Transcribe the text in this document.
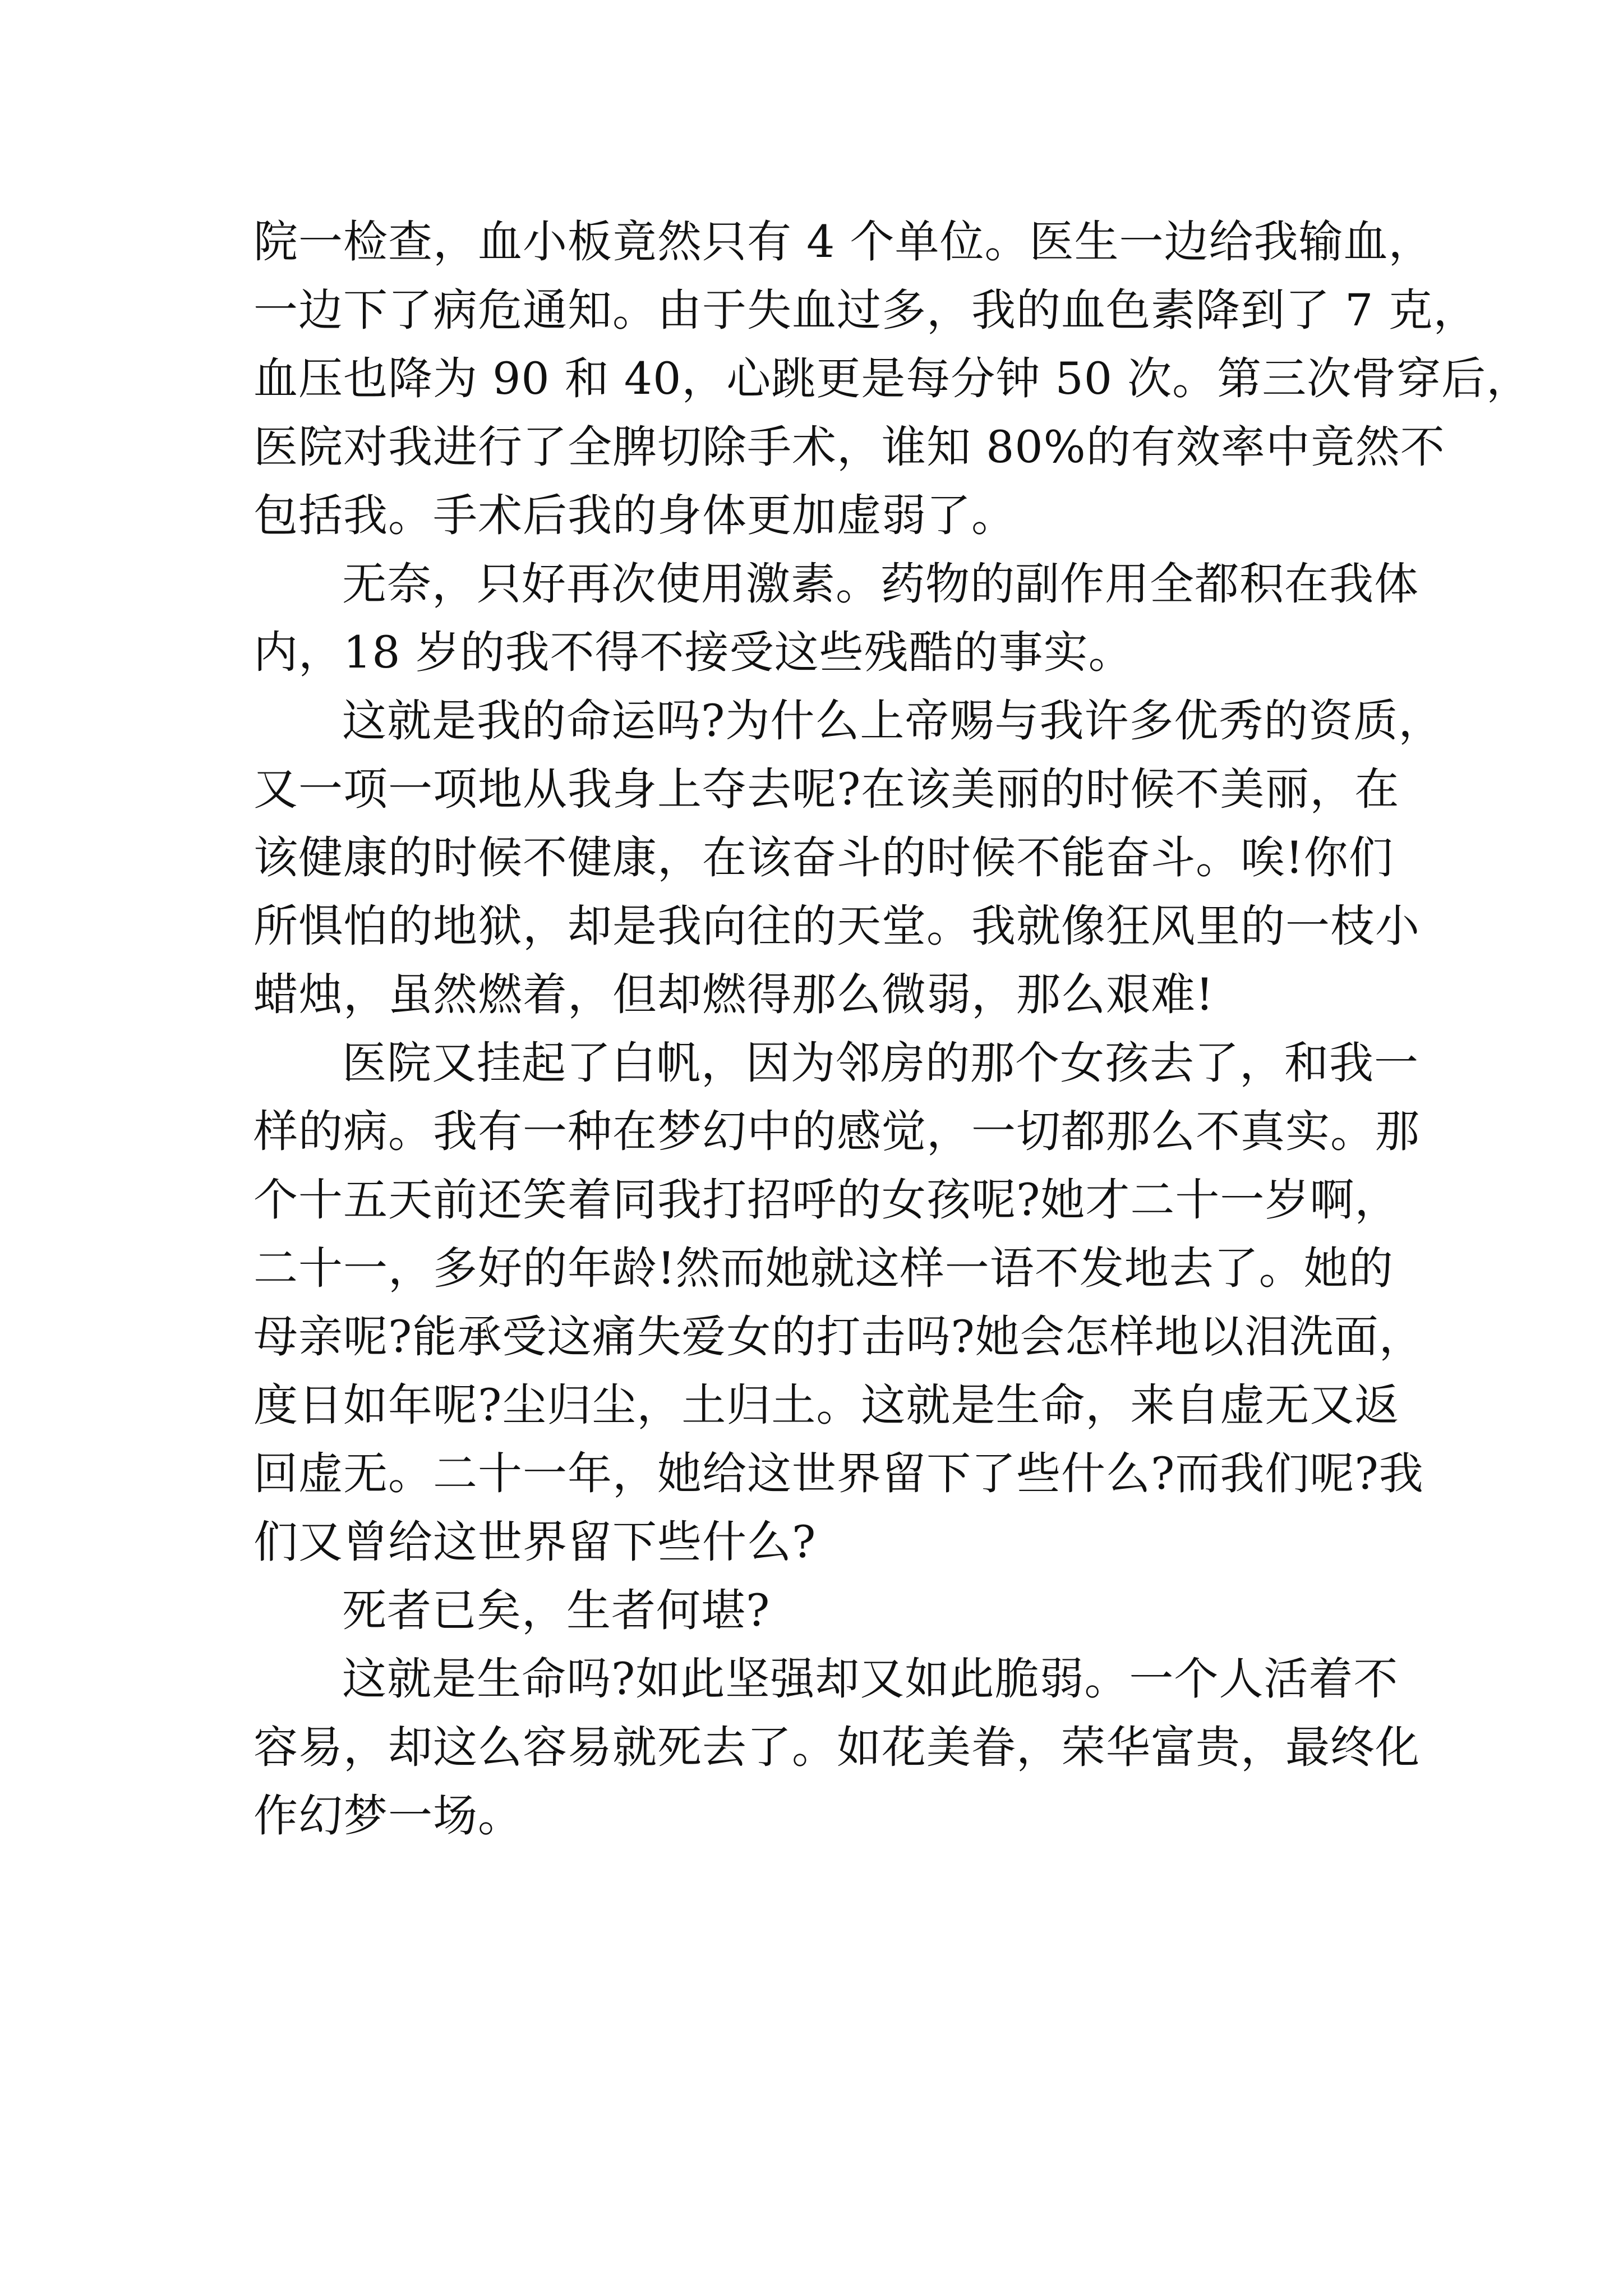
院一检查，血小板竟然只有 4 个单位。医生一边给我输血，
一边下了病危通知。由于失血过多，我的血色素降到了 7 克，
血压也降为 90 和 40，心跳更是每分钟 50 次。第三次骨穿后，
医院对我进行了全脾切除手术，谁知 80%的有效率中竟然不
包括我。手术后我的身体更加虚弱了。
无奈，只好再次使用激素。药物的副作用全都积在我体
内，18 岁的我不得不接受这些残酷的事实。
这就是我的命运吗?为什么上帝赐与我许多优秀的资质，
又一项一项地从我身上夺去呢?在该美丽的时候不美丽，在
该健康的时候不健康，在该奋斗的时候不能奋斗。唉!你们
所惧怕的地狱，却是我向往的天堂。我就像狂风里的一枝小
蜡烛，虽然燃着，但却燃得那么微弱，那么艰难!
医院又挂起了白帆，因为邻房的那个女孩去了，和我一
样的病。我有一种在梦幻中的感觉，一切都那么不真实。那
个十五天前还笑着同我打招呼的女孩呢?她才二十一岁啊，
二十一，多好的年龄!然而她就这样一语不发地去了。她的
母亲呢?能承受这痛失爱女的打击吗?她会怎样地以泪洗面，
度日如年呢?尘归尘，土归土。这就是生命，来自虚无又返
回虚无。二十一年，她给这世界留下了些什么?而我们呢?我
们又曾给这世界留下些什么?
死者已矣，生者何堪?
这就是生命吗?如此坚强却又如此脆弱。一个人活着不
容易，却这么容易就死去了。如花美眷，荣华富贵，最终化
作幻梦一场。
